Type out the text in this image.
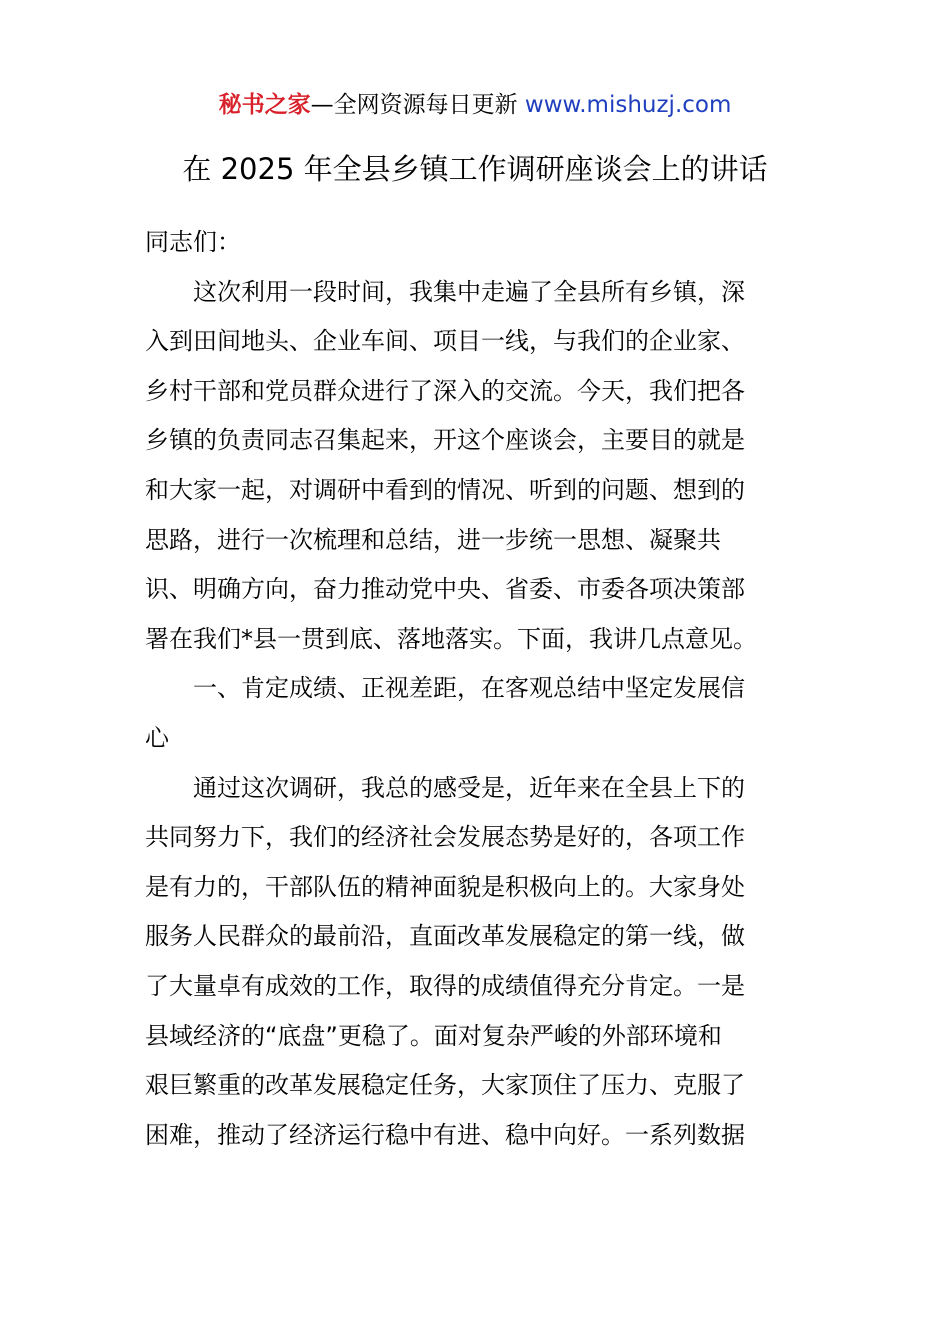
秘书之家—全网资源每日更新 www.mishuzj.com
在 2025 年全县乡镇工作调研座谈会上的讲话
同志们：
　　这次利用一段时间，我集中走遍了全县所有乡镇，深
入到田间地头、企业车间、项目一线，与我们的企业家、
乡村干部和党员群众进行了深入的交流。今天，我们把各
乡镇的负责同志召集起来，开这个座谈会，主要目的就是
和大家一起，对调研中看到的情况、听到的问题、想到的
思路，进行一次梳理和总结，进一步统一思想、凝聚共
识、明确方向，奋力推动党中央、省委、市委各项决策部
署在我们*县一贯到底、落地落实。下面，我讲几点意见。
　　一、肯定成绩、正视差距，在客观总结中坚定发展信
心
　　通过这次调研，我总的感受是，近年来在全县上下的
共同努力下，我们的经济社会发展态势是好的，各项工作
是有力的，干部队伍的精神面貌是积极向上的。大家身处
服务人民群众的最前沿，直面改革发展稳定的第一线，做
了大量卓有成效的工作，取得的成绩值得充分肯定。一是
县域经济的“底盘”更稳了。面对复杂严峻的外部环境和
艰巨繁重的改革发展稳定任务，大家顶住了压力、克服了
困难，推动了经济运行稳中有进、稳中向好。一系列数据
